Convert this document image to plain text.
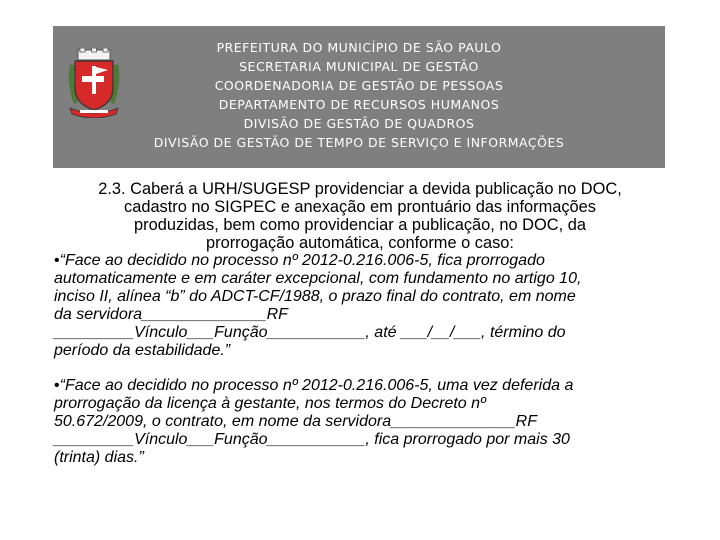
PREFEITURA DO MUNICÍPIO DE SÃO PAULO
SECRETARIA MUNICIPAL DE GESTÃO
COORDENADORIA DE GESTÃO DE PESSOAS
DEPARTAMENTO DE RECURSOS HUMANOS
DIVISÃO DE GESTÃO DE QUADROS
DIVISÃO DE GESTÃO DE TEMPO DE SERVIÇO E INFORMAÇÕES
2.3. Caberá a URH/SUGESP providenciar a devida publicação no DOC,
cadastro no SIGPEC e anexação em prontuário das informações
produzidas, bem como providenciar a publicação, no DOC, da
prorrogação automática, conforme o caso:
•“Face ao decidido no processo nº 2012-0.216.006-5, fica prorrogado
automaticamente e em caráter excepcional, com fundamento no artigo 10,
inciso II, alínea “b” do ADCT-CF/1988, o prazo final do contrato, em nome
da servidora______________RF
_________Vínculo___Função___________, até ___/__/___, término do
período da estabilidade.”
•“Face ao decidido no processo nº 2012-0.216.006-5, uma vez deferida a
prorrogação da licença à gestante, nos termos do Decreto nº
50.672/2009, o contrato, em nome da servidora______________RF
_________Vínculo___Função___________, fica prorrogado por mais 30
(trinta) dias.”
